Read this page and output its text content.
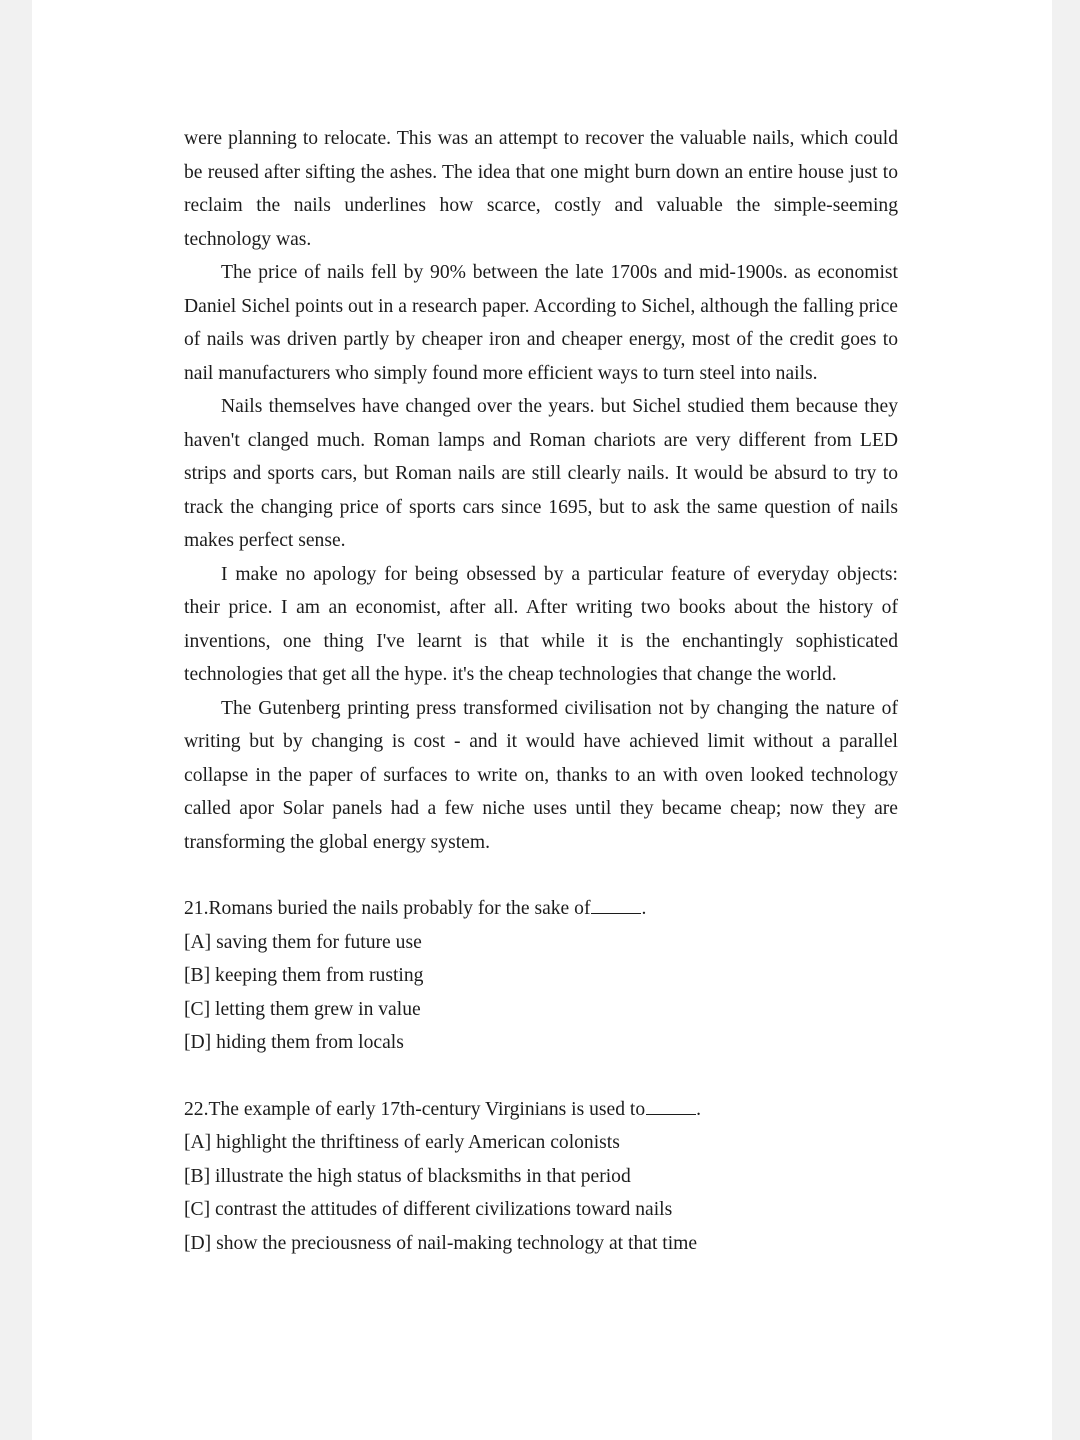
were planning to relocate. This was an attempt to recover the valuable nails, which could be reused after sifting the ashes. The idea that one might burn down an entire house just to reclaim the nails underlines how scarce, costly and valuable the simple-seeming technology was.

The price of nails fell by 90% between the late 1700s and mid-1900s. as economist Daniel Sichel points out in a research paper. According to Sichel, although the falling price of nails was driven partly by cheaper iron and cheaper energy, most of the credit goes to nail manufacturers who simply found more efficient ways to turn steel into nails.

Nails themselves have changed over the years. but Sichel studied them because they haven't clanged much. Roman lamps and Roman chariots are very different from LED strips and sports cars, but Roman nails are still clearly nails. It would be absurd to try to track the changing price of sports cars since 1695, but to ask the same question of nails makes perfect sense.

I make no apology for being obsessed by a particular feature of everyday objects: their price. I am an economist, after all. After writing two books about the history of inventions, one thing I've learnt is that while it is the enchantingly sophisticated technologies that get all the hype. it's the cheap technologies that change the world.

The Gutenberg printing press transformed civilisation not by changing the nature of writing but by changing is cost - and it would have achieved limit without a parallel collapse in the paper of surfaces to write on, thanks to an with oven looked technology called apor Solar panels had a few niche uses until they became cheap; now they are transforming the global energy system.

21.Romans buried the nails probably for the sake of	.
[A] saving them for future use
[B] keeping them from rusting
[C] letting them grew in value
[D] hiding them from locals
22.The example of early 17th-century Virginians is used to	.
[A] highlight the thriftiness of early American colonists
[B] illustrate the high status of blacksmiths in that period
[C] contrast the attitudes of different civilizations toward nails
[D] show the preciousness of nail-making technology at that time
